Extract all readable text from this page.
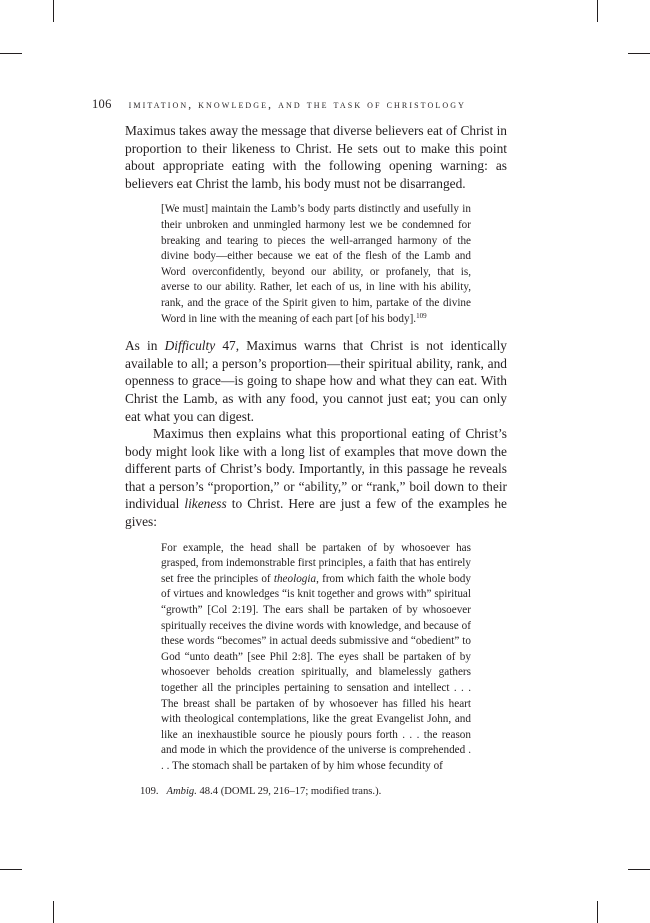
106 imitation, knowledge, and the task of christology

Maximus takes away the message that diverse believers eat of Christ in proportion to their likeness to Christ. He sets out to make this point about appropriate eating with the following opening warning: as believers eat Christ the lamb, his body must not be disarranged.

[We must] maintain the Lamb’s body parts distinctly and usefully in their unbroken and unmingled harmony lest we be condemned for breaking and tearing to pieces the well-arranged harmony of the divine body—either because we eat of the flesh of the Lamb and Word overconfidently, beyond our ability, or profanely, that is, averse to our ability. Rather, let each of us, in line with his ability, rank, and the grace of the Spirit given to him, partake of the divine Word in line with the meaning of each part [of his body].$^{109}$

As in Difficulty 47, Maximus warns that Christ is not identically available to all; a person’s proportion—their spiritual ability, rank, and openness to grace—is going to shape how and what they can eat. With Christ the Lamb, as with any food, you cannot just eat; you can only eat what you can digest.

Maximus then explains what this proportional eating of Christ’s body might look like with a long list of examples that move down the different parts of Christ’s body. Importantly, in this passage he reveals that a person’s “proportion,” or “ability,” or “rank,” boil down to their individual likeness to Christ. Here are just a few of the examples he gives:

For example, the head shall be partaken of by whosoever has grasped, from indemonstrable first principles, a faith that has entirely set free the principles of theologia, from which faith the whole body of virtues and knowledges “is knit together and grows with” spiritual “growth” [Col 2:19]. The ears shall be partaken of by whosoever spiritually receives the divine words with knowledge, and because of these words “becomes” in actual deeds submissive and “obedient” to God “unto death” [see Phil 2:8]. The eyes shall be partaken of by whosoever beholds creation spiritually, and blamelessly gathers together all the principles pertaining to sensation and intellect . . . The breast shall be partaken of by whosoever has filled his heart with theological contemplations, like the great Evangelist John, and like an inexhaustible source he piously pours forth . . . the reason and mode in which the providence of the universe is comprehended . . . The stomach shall be partaken of by him whose fecundity of

109. Ambig. 48.4 (DOML 29, 216–17; modified trans.).
